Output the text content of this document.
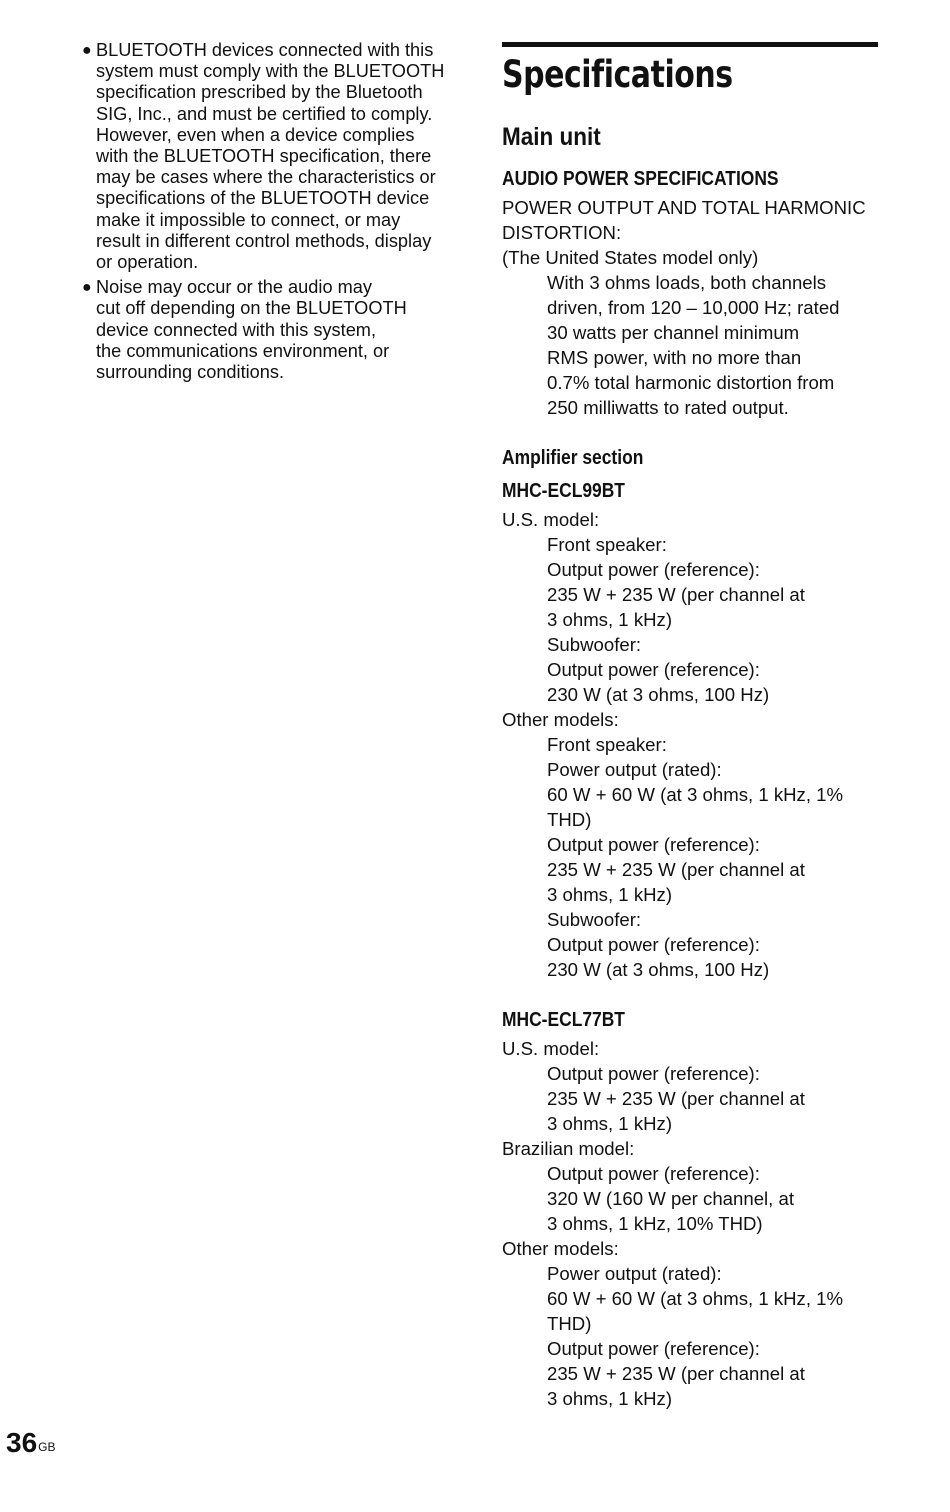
● BLUETOOTH devices connected with this
system must comply with the BLUETOOTH
specification prescribed by the Bluetooth
SIG, Inc., and must be certified to comply.
However, even when a device complies
with the BLUETOOTH specification, there
may be cases where the characteristics or
specifications of the BLUETOOTH device
make it impossible to connect, or may
result in different control methods, display
or operation.
● Noise may occur or the audio may
cut off depending on the BLUETOOTH
device connected with this system,
the communications environment, or
surrounding conditions.
Specifications
Main unit
AUDIO POWER SPECIFICATIONS
POWER OUTPUT AND TOTAL HARMONIC
DISTORTION:
(The United States model only)
With 3 ohms loads, both channels
driven, from 120 – 10,000 Hz; rated
30 watts per channel minimum
RMS power, with no more than
0.7% total harmonic distortion from
250 milliwatts to rated output.
Amplifier section
MHC-ECL99BT
U.S. model:
Front speaker:
Output power (reference):
235 W + 235 W (per channel at
3 ohms, 1 kHz)
Subwoofer:
Output power (reference):
230 W (at 3 ohms, 100 Hz)
Other models:
Front speaker:
Power output (rated):
60 W + 60 W (at 3 ohms, 1 kHz, 1%
THD)
Output power (reference):
235 W + 235 W (per channel at
3 ohms, 1 kHz)
Subwoofer:
Output power (reference):
230 W (at 3 ohms, 100 Hz)
MHC-ECL77BT
U.S. model:
Output power (reference):
235 W + 235 W (per channel at
3 ohms, 1 kHz)
Brazilian model:
Output power (reference):
320 W (160 W per channel, at
3 ohms, 1 kHz, 10% THD)
Other models:
Power output (rated):
60 W + 60 W (at 3 ohms, 1 kHz, 1%
THD)
Output power (reference):
235 W + 235 W (per channel at
3 ohms, 1 kHz)
$36^{GB}$
